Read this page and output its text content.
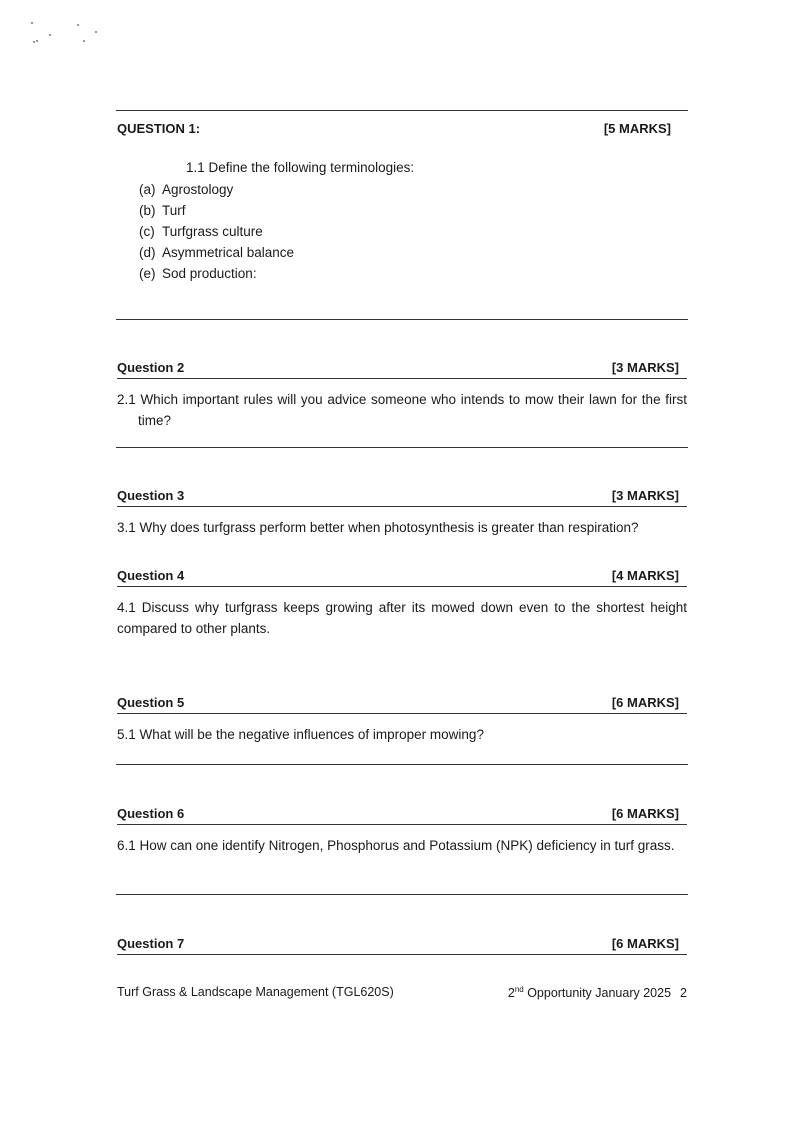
QUESTION 1:	[5 MARKS]
1.1 Define the following terminologies:
(a) Agrostology
(b) Turf
(c) Turfgrass culture
(d) Asymmetrical balance
(e) Sod production:
Question 2	[3 MARKS]
2.1 Which important rules will you advice someone who intends to mow their lawn for the first time?
Question 3	[3 MARKS]
3.1 Why does turfgrass perform better when photosynthesis is greater than respiration?
Question 4	[4 MARKS]
4.1 Discuss why turfgrass keeps growing after its mowed down even to the shortest height compared to other plants.
Question 5	[6 MARKS]
5.1 What will be the negative influences of improper mowing?
Question 6	[6 MARKS]
6.1 How can one identify Nitrogen, Phosphorus and Potassium (NPK) deficiency in turf grass.
Question 7	[6 MARKS]
Turf Grass & Landscape Management (TGL620S)	2nd Opportunity January 2025 2
